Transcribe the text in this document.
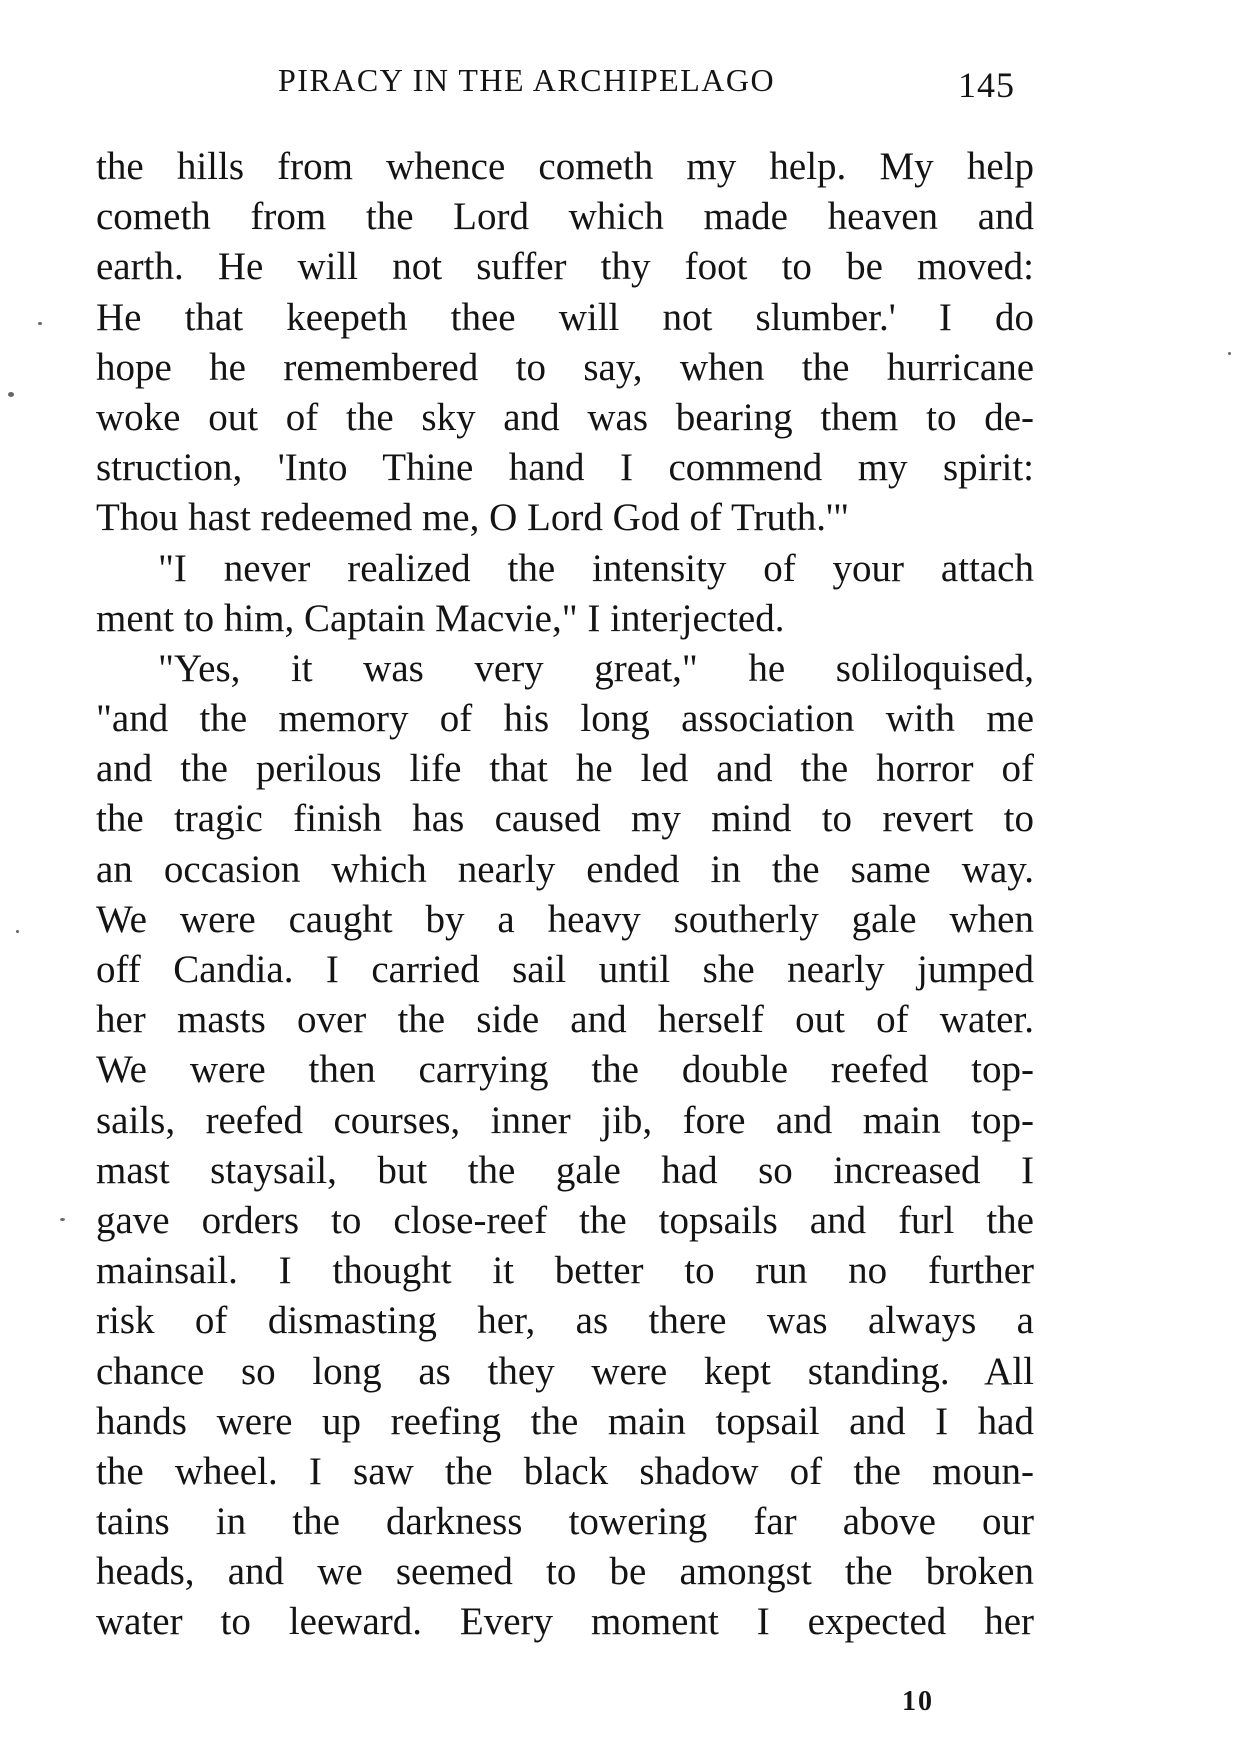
PIRACY IN THE ARCHIPELAGO	145
the hills from whence cometh my help. My help
cometh from the Lord which made heaven and
earth. He will not suffer thy foot to be moved:
He that keepeth thee will not slumber.' I do
hope he remembered to say, when the hurricane
woke out of the sky and was bearing them to de-
struction, 'Into Thine hand I commend my spirit:
Thou hast redeemed me, O Lord God of Truth.'"
"I never realized the intensity of your attach
ment to him, Captain Macvie," I interjected.
"Yes, it was very great," he soliloquised,
"and the memory of his long association with me
and the perilous life that he led and the horror of
the tragic finish has caused my mind to revert to
an occasion which nearly ended in the same way.
We were caught by a heavy southerly gale when
off Candia. I carried sail until she nearly jumped
her masts over the side and herself out of water.
We were then carrying the double reefed top-
sails, reefed courses, inner jib, fore and main top-
mast staysail, but the gale had so increased I
gave orders to close-reef the topsails and furl the
mainsail. I thought it better to run no further
risk of dismasting her, as there was always a
chance so long as they were kept standing. All
hands were up reefing the main topsail and I had
the wheel. I saw the black shadow of the moun-
tains in the darkness towering far above our
heads, and we seemed to be amongst the broken
water to leeward. Every moment I expected her
10
